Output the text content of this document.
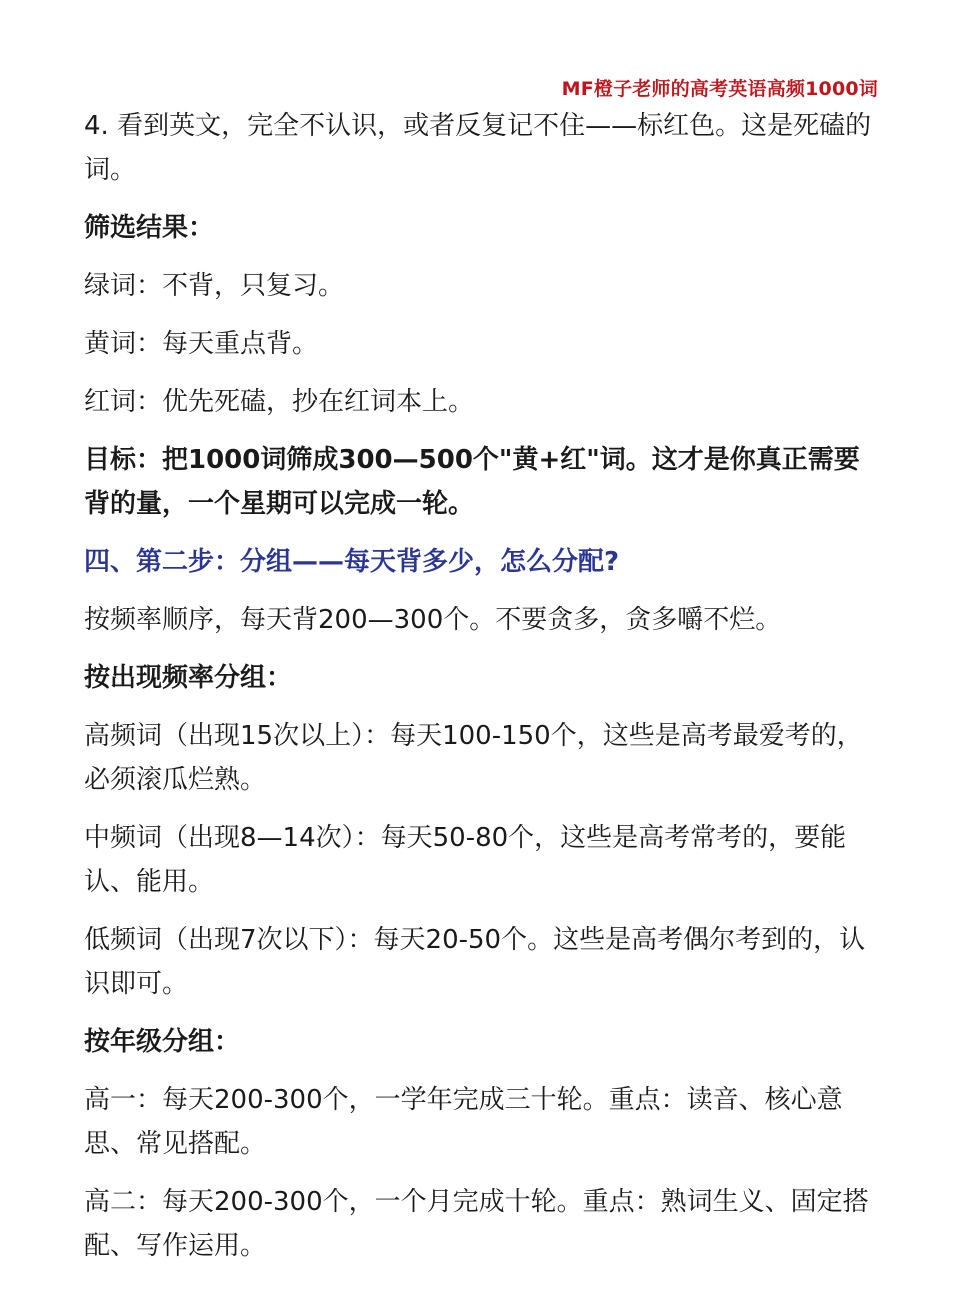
MF橙子老师的高考英语高频1000词

4. 看到英文，完全不认识，或者反复记不住——标红色。这是死磕的词。

筛选结果：

绿词：不背，只复习。

黄词：每天重点背。

红词：优先死磕，抄在红词本上。

目标：把1000词筛成300—500个"黄+红"词。这才是你真正需要背的量，一个星期可以完成一轮。

四、第二步：分组——每天背多少，怎么分配?

按频率顺序，每天背200—300个。不要贪多，贪多嚼不烂。

按出现频率分组：

高频词（出现15次以上）：每天100-150个，这些是高考最爱考的，必须滚瓜烂熟。

中频词（出现8—14次）：每天50-80个，这些是高考常考的，要能认、能用。

低频词（出现7次以下）：每天20-50个。这些是高考偶尔考到的，认识即可。

按年级分组：

高一：每天200-300个，一学年完成三十轮。重点：读音、核心意思、常见搭配。

高二：每天200-300个，一个月完成十轮。重点：熟词生义、固定搭配、写作运用。
